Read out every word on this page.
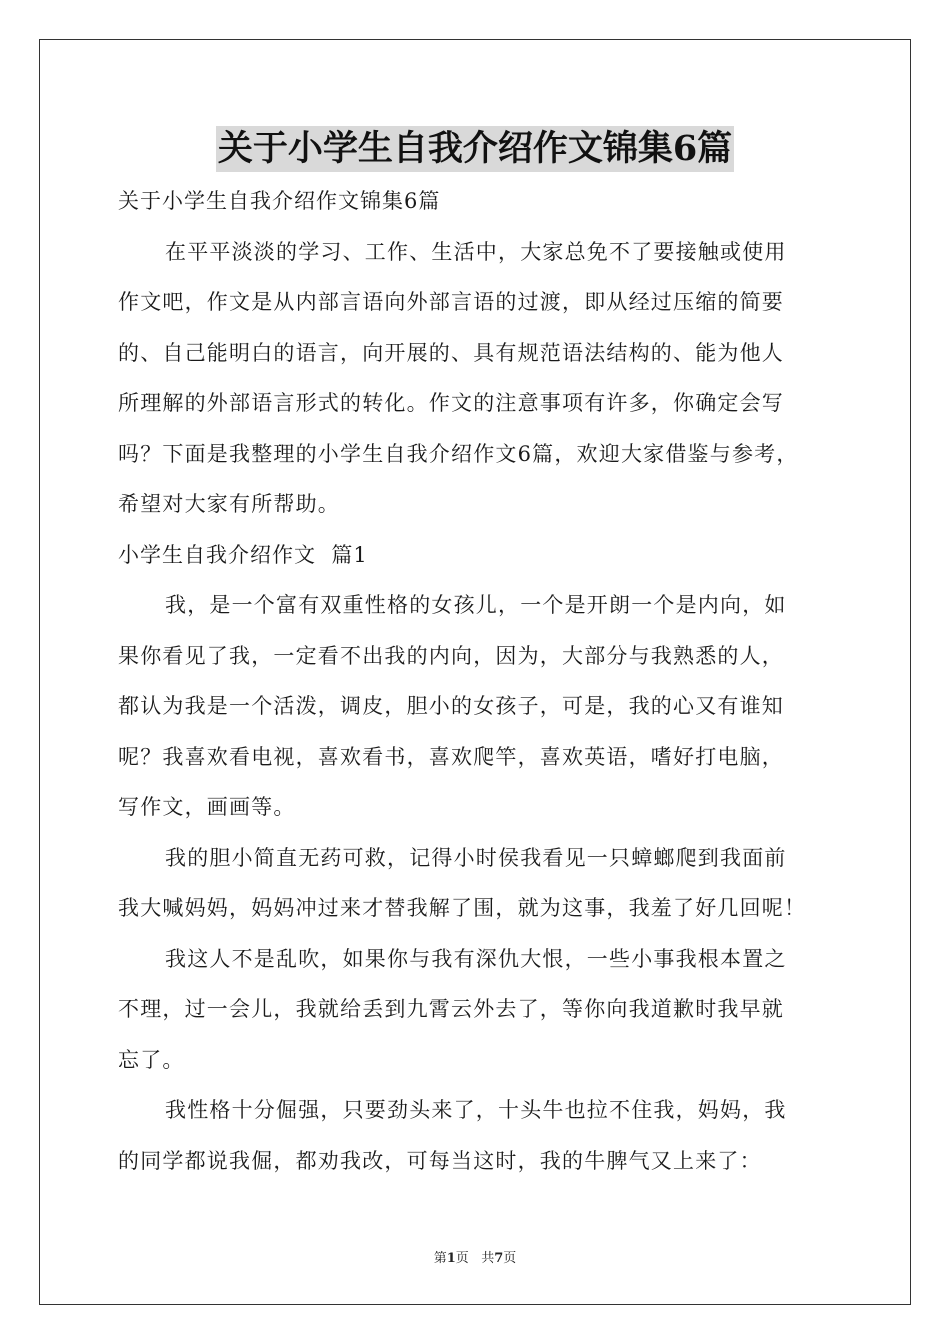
关于小学生自我介绍作文锦集6篇
关于小学生自我介绍作文锦集6篇
在平平淡淡的学习、工作、生活中，大家总免不了要接触或使用
作文吧，作文是从内部言语向外部言语的过渡，即从经过压缩的简要
的、自己能明白的语言，向开展的、具有规范语法结构的、能为他人
所理解的外部语言形式的转化。作文的注意事项有许多，你确定会写
吗？下面是我整理的小学生自我介绍作文6篇，欢迎大家借鉴与参考，
希望对大家有所帮助。
小学生自我介绍作文  篇1
我，是一个富有双重性格的女孩儿，一个是开朗一个是内向，如
果你看见了我，一定看不出我的内向，因为，大部分与我熟悉的人，
都认为我是一个活泼，调皮，胆小的女孩子，可是，我的心又有谁知
呢？我喜欢看电视，喜欢看书，喜欢爬竿，喜欢英语，嗜好打电脑，
写作文，画画等。
我的胆小简直无药可救，记得小时侯我看见一只蟑螂爬到我面前
我大喊妈妈，妈妈冲过来才替我解了围，就为这事，我羞了好几回呢！
我这人不是乱吹，如果你与我有深仇大恨，一些小事我根本置之
不理，过一会儿，我就给丢到九霄云外去了，等你向我道歉时我早就
忘了。
我性格十分倔强，只要劲头来了，十头牛也拉不住我，妈妈，我
的同学都说我倔，都劝我改，可每当这时，我的牛脾气又上来了：
第1页   共7页
